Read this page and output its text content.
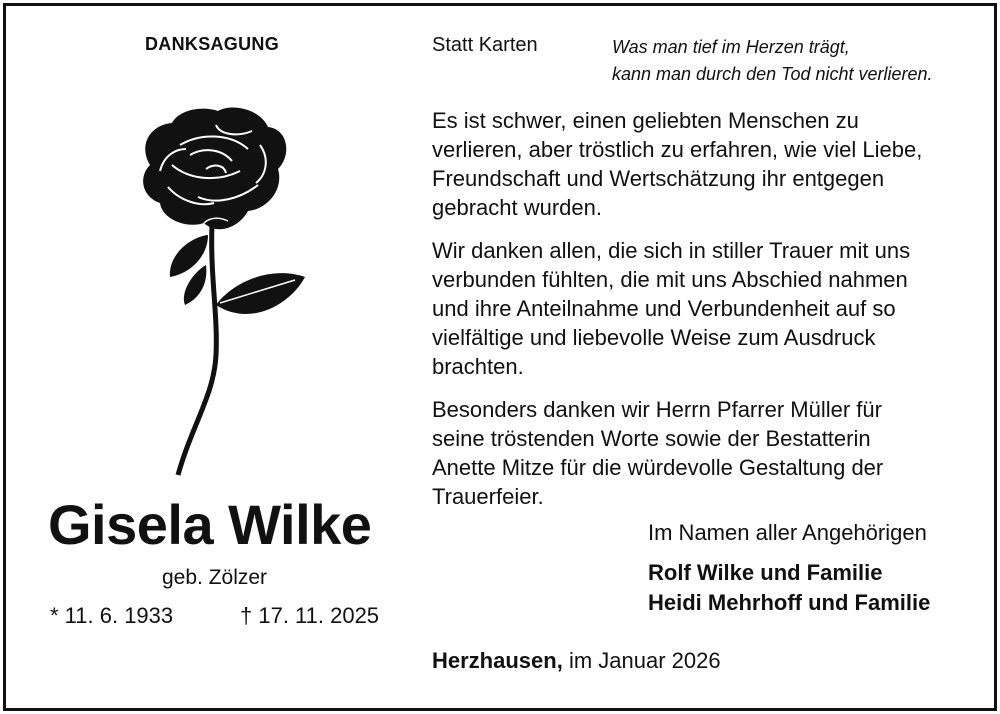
DANKSAGUNG	Statt Karten	Was man tief im Herzen trägt,
kann man durch den Tod nicht verlieren.
Es ist schwer, einen geliebten Menschen zu
verlieren, aber tröstlich zu erfahren, wie viel Liebe,
Freundschaft und Wertschätzung ihr entgegen
gebracht wurden.
Wir danken allen, die sich in stiller Trauer mit uns
verbunden fühlten, die mit uns Abschied nahmen
und ihre Anteilnahme und Verbundenheit auf so
vielfältige und liebevolle Weise zum Ausdruck
brachten.
Besonders danken wir Herrn Pfarrer Müller für
seine tröstenden Worte sowie der Bestatterin
Anette Mitze für die würdevolle Gestaltung der
Trauerfeier.
Gisela Wilke
geb. Zölzer
* 11. 6. 1933	† 17. 11. 2025
Im Namen aller Angehörigen
Rolf Wilke und Familie
Heidi Mehrhoff und Familie
Herzhausen, im Januar 2026
